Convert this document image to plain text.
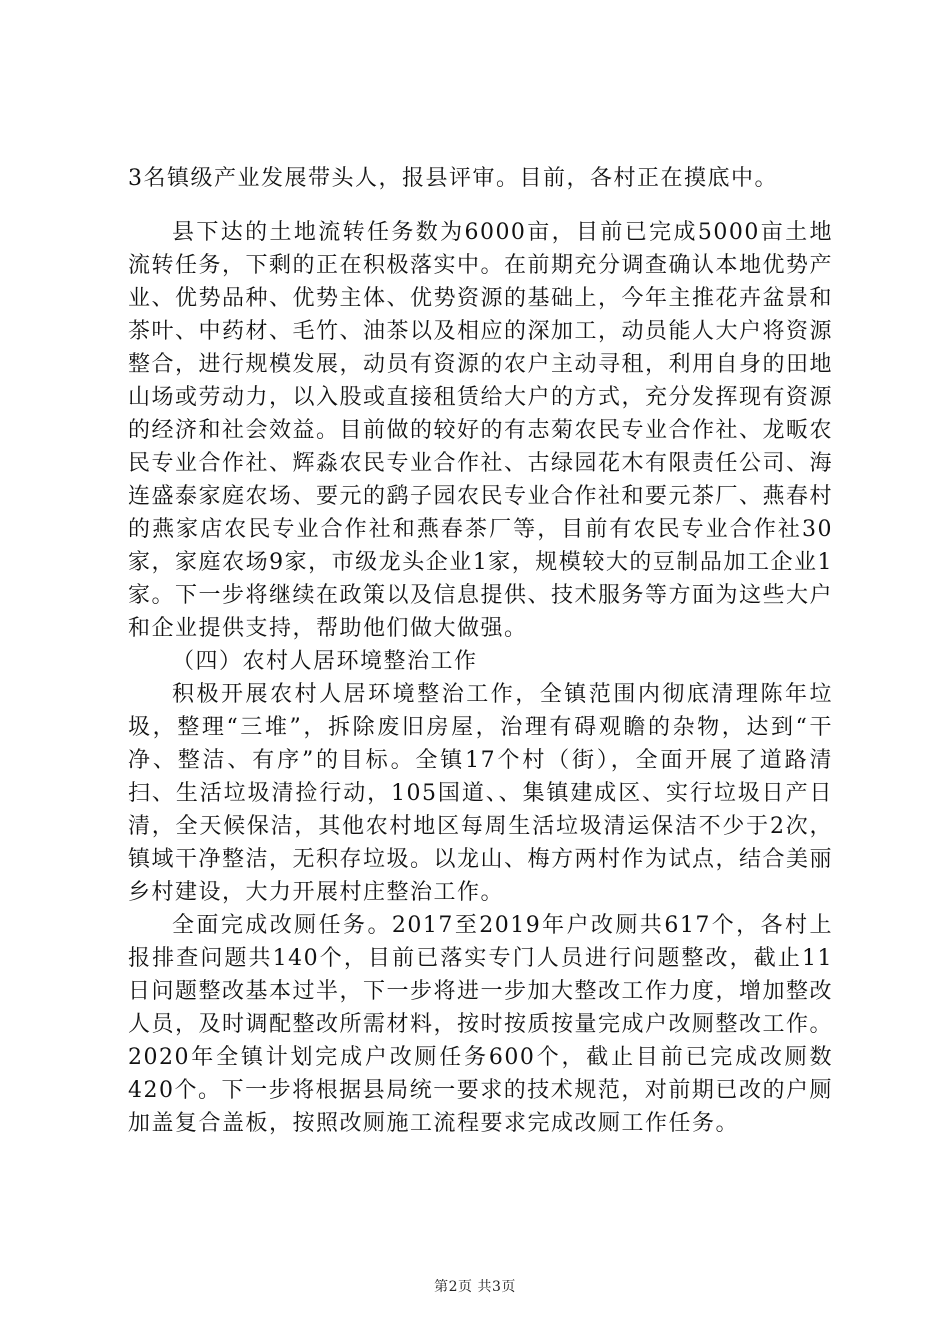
3名镇级产业发展带头人，报县评审。目前，各村正在摸底中。

县下达的土地流转任务数为6000亩，目前已完成5000亩土地流转任务，下剩的正在积极落实中。在前期充分调查确认本地优势产业、优势品种、优势主体、优势资源的基础上，今年主推花卉盆景和茶叶、中药材、毛竹、油茶以及相应的深加工，动员能人大户将资源整合，进行规模发展，动员有资源的农户主动寻租，利用自身的田地山场或劳动力，以入股或直接租赁给大户的方式，充分发挥现有资源的经济和社会效益。目前做的较好的有志菊农民专业合作社、龙畈农民专业合作社、辉淼农民专业合作社、古绿园花木有限责任公司、海连盛泰家庭农场、要元的鹞子园农民专业合作社和要元茶厂、燕春村的燕家店农民专业合作社和燕春茶厂等，目前有农民专业合作社30家，家庭农场9家，市级龙头企业1家，规模较大的豆制品加工企业1家。下一步将继续在政策以及信息提供、技术服务等方面为这些大户和企业提供支持，帮助他们做大做强。

（四）农村人居环境整治工作

积极开展农村人居环境整治工作，全镇范围内彻底清理陈年垃圾，整理“三堆”，拆除废旧房屋，治理有碍观瞻的杂物，达到“干净、整洁、有序”的目标。全镇17个村（街），全面开展了道路清扫、生活垃圾清捡行动，105国道、、集镇建成区、实行垃圾日产日清，全天候保洁，其他农村地区每周生活垃圾清运保洁不少于2次，镇域干净整洁，无积存垃圾。以龙山、梅方两村作为试点，结合美丽乡村建设，大力开展村庄整治工作。

全面完成改厕任务。2017至2019年户改厕共617个，各村上报排查问题共140个，目前已落实专门人员进行问题整改，截止11日问题整改基本过半，下一步将进一步加大整改工作力度，增加整改人员，及时调配整改所需材料，按时按质按量完成户改厕整改工作。2020年全镇计划完成户改厕任务600个，截止目前已完成改厕数420个。下一步将根据县局统一要求的技术规范，对前期已改的户厕加盖复合盖板，按照改厕施工流程要求完成改厕工作任务。

第2页 共3页
